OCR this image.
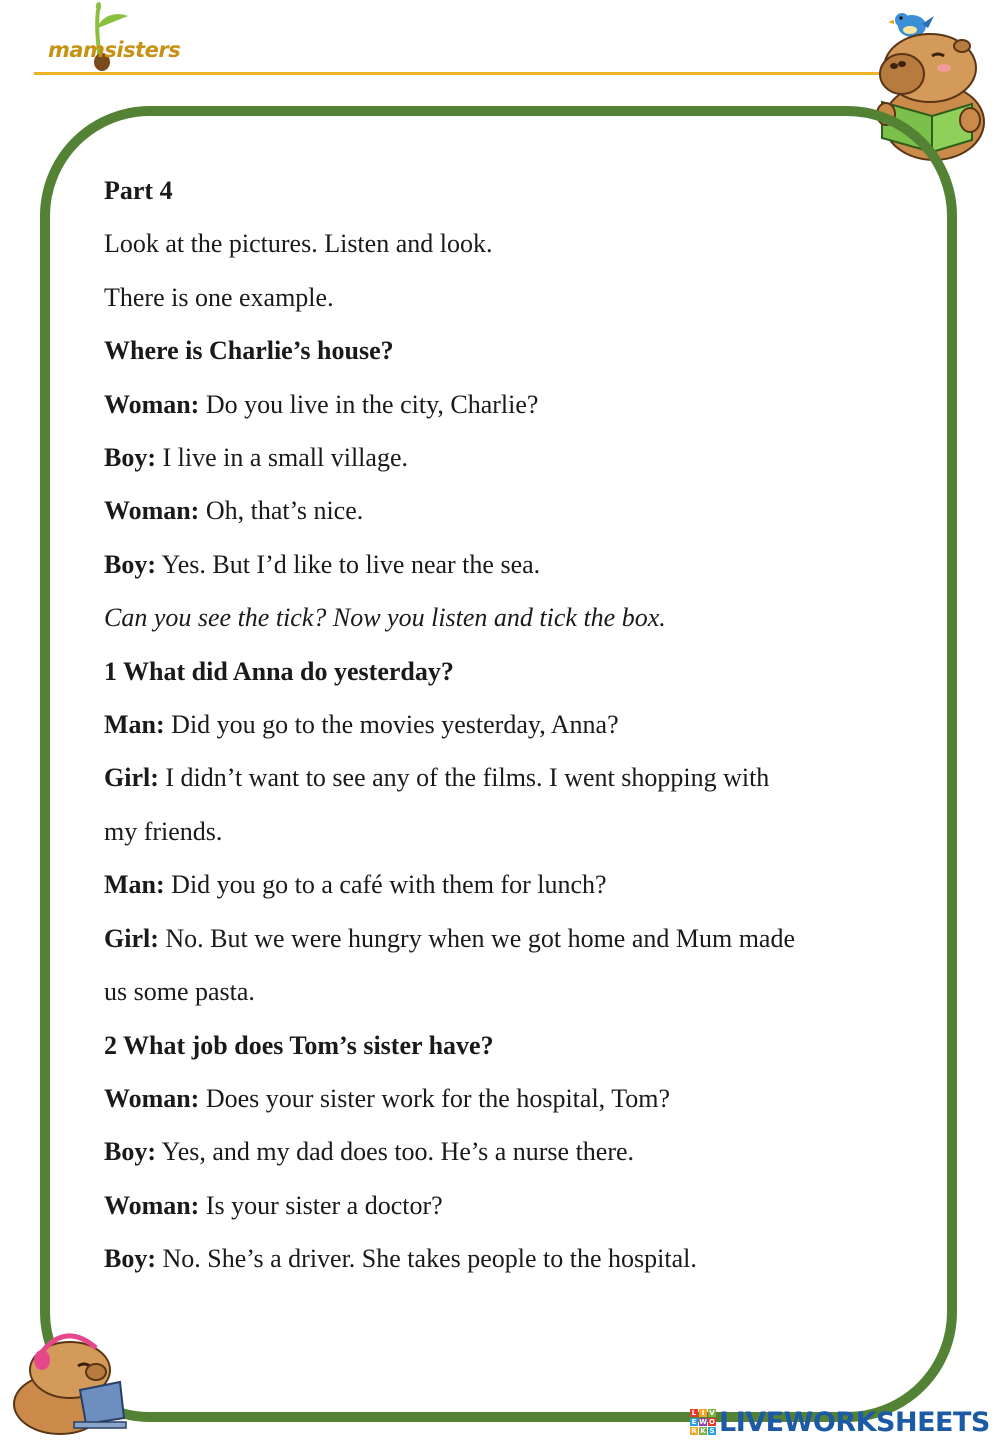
mamsisters

Part 4

Look at the pictures. Listen and look.

There is one example.

Where is Charlie’s house?

Woman: Do you live in the city, Charlie?

Boy: I live in a small village.

Woman: Oh, that’s nice.

Boy: Yes. But I’d like to live near the sea.

Can you see the tick? Now you listen and tick the box.

1 What did Anna do yesterday?

Man: Did you go to the movies yesterday, Anna?

Girl: I didn’t want to see any of the films. I went shopping with

my friends.

Man: Did you go to a café with them for lunch?

Girl: No. But we were hungry when we got home and Mum made

us some pasta.

2 What job does Tom’s sister have?

Woman: Does your sister work for the hospital, Tom?

Boy: Yes, and my dad does too. He’s a nurse there.

Woman: Is your sister a doctor?

Boy: No. She’s a driver. She takes people to the hospital.

L I V
E W O
R K S LIVEWORKSHEETS
